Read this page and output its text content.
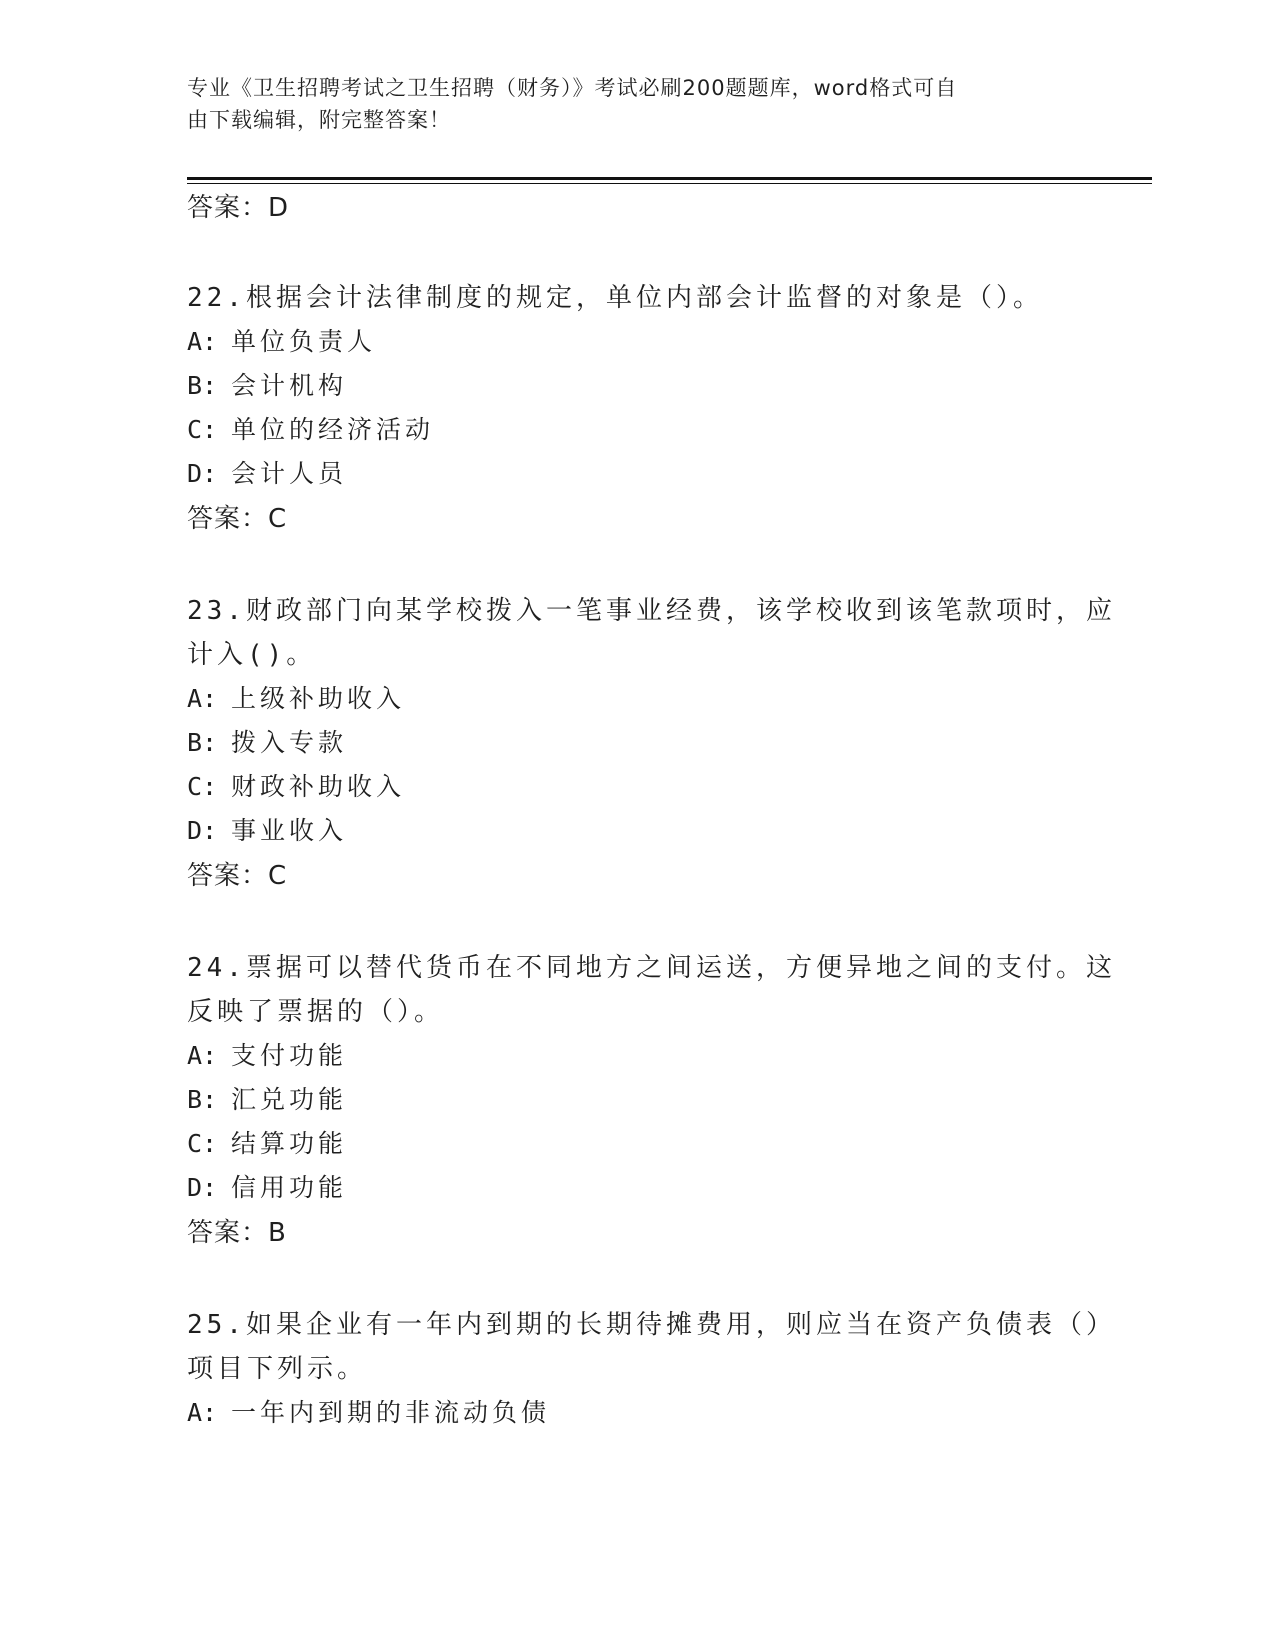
专业《卫生招聘考试之卫生招聘（财务）》考试必刷200题题库，word格式可自
由下载编辑，附完整答案！
答案：D
22.根据会计法律制度的规定，单位内部会计监督的对象是（）。
A: 单位负责人
B: 会计机构
C: 单位的经济活动
D: 会计人员
答案：C
23.财政部门向某学校拨入一笔事业经费，该学校收到该笔款项时，应
计入()。
A: 上级补助收入
B: 拨入专款
C: 财政补助收入
D: 事业收入
答案：C
24.票据可以替代货币在不同地方之间运送，方便异地之间的支付。这
反映了票据的（）。
A: 支付功能
B: 汇兑功能
C: 结算功能
D: 信用功能
答案：B
25.如果企业有一年内到期的长期待摊费用，则应当在资产负债表（）
项目下列示。
A: 一年内到期的非流动负债
